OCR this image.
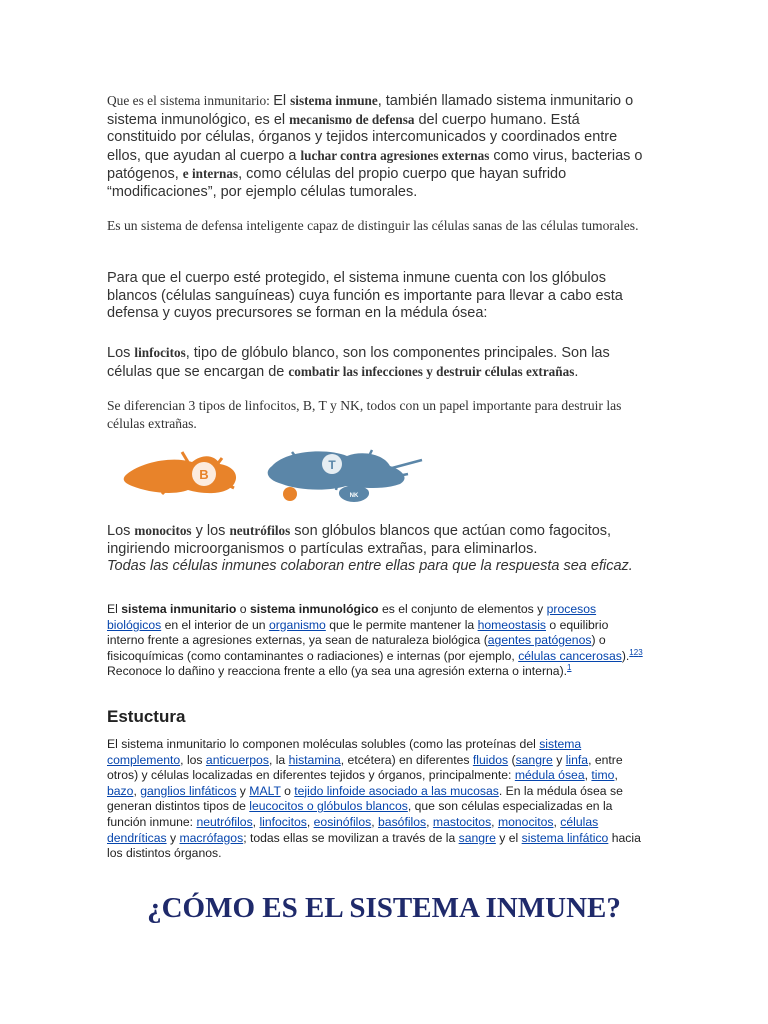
Que es el sistema inmunitario: El sistema inmune, también llamado sistema inmunitario o sistema inmunológico, es el mecanismo de defensa del cuerpo humano. Está constituido por células, órganos y tejidos intercomunicados y coordinados entre ellos, que ayudan al cuerpo a luchar contra agresiones externas como virus, bacterias o patógenos, e internas, como células del propio cuerpo que hayan sufrido “modificaciones”, por ejemplo células tumorales.

Es un sistema de defensa inteligente capaz de distinguir las células sanas de las células tumorales.

Para que el cuerpo esté protegido, el sistema inmune cuenta con los glóbulos blancos (células sanguíneas) cuya función es importante para llevar a cabo esta defensa y cuyos precursores se forman en la médula ósea:

Los linfocitos, tipo de glóbulo blanco, son los componentes principales. Son las células que se encargan de combatir las infecciones y destruir células extrañas.

Se diferencian 3 tipos de linfocitos, B, T y NK, todos con un papel importante para destruir las células extrañas.

B
T
NK

Los monocitos y los neutrófilos son glóbulos blancos que actúan como fagocitos, ingiriendo microorganismos o partículas extrañas, para eliminarlos.
Todas las células inmunes colaboran entre ellas para que la respuesta sea eficaz.

El sistema inmunitario o sistema inmunológico es el conjunto de elementos y procesos biológicos en el interior de un organismo que le permite mantener la homeostasis o equilibrio interno frente a agresiones externas, ya sean de naturaleza biológica (agentes patógenos) o fisicoquímicas (como contaminantes o radiaciones) e internas (por ejemplo, células cancerosas).$^{123}$ Reconoce lo dañino y reacciona frente a ello (ya sea una agresión externa o interna).$^1$

Estuctura

El sistema inmunitario lo componen moléculas solubles (como las proteínas del sistema complemento, los anticuerpos, la histamina, etcétera) en diferentes fluidos (sangre y linfa, entre otros) y células localizadas en diferentes tejidos y órganos, principalmente: médula ósea, timo, bazo, ganglios linfáticos y MALT o tejido linfoide asociado a las mucosas. En la médula ósea se generan distintos tipos de leucocitos o glóbulos blancos, que son células especializadas en la función inmune: neutrófilos, linfocitos, eosinófilos, basófilos, mastocitos, monocitos, células dendríticas y macrófagos; todas ellas se movilizan a través de la sangre y el sistema linfático hacia los distintos órganos.

¿CÓMO ES EL SISTEMA INMUNE?
